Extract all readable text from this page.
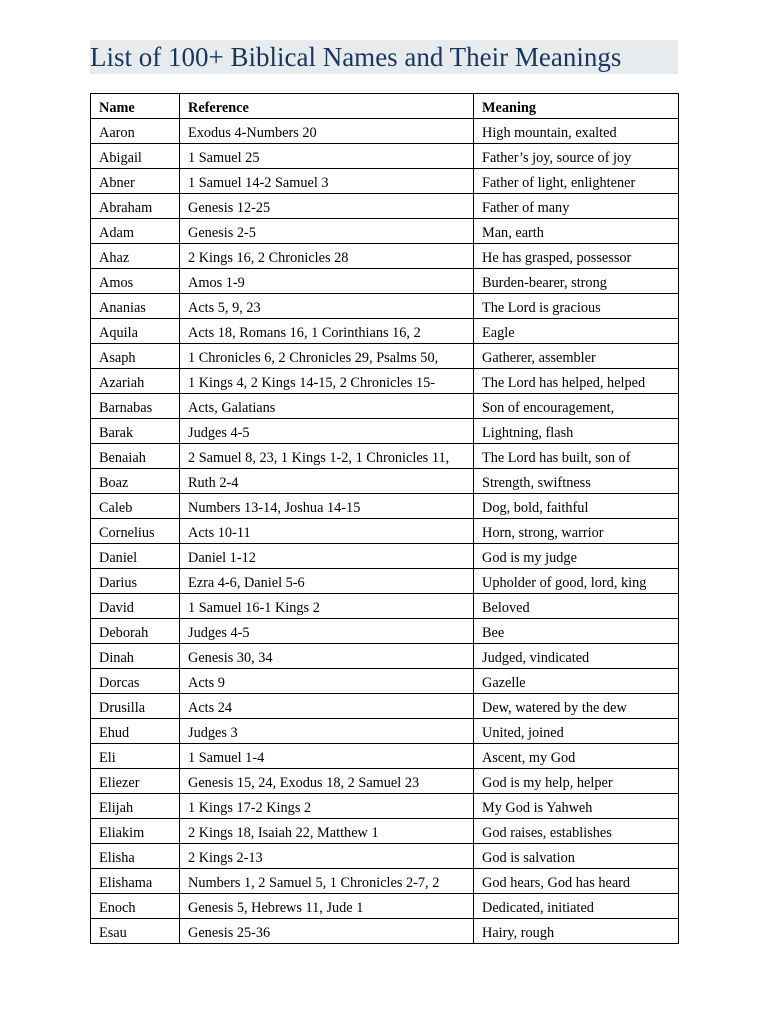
List of 100+ Biblical Names and Their Meanings
Name	Reference	Meaning
Aaron	Exodus 4-Numbers 20	High mountain, exalted
Abigail	1 Samuel 25	Father’s joy, source of joy
Abner	1 Samuel 14-2 Samuel 3	Father of light, enlightener
Abraham	Genesis 12-25	Father of many
Adam	Genesis 2-5	Man, earth
Ahaz	2 Kings 16, 2 Chronicles 28	He has grasped, possessor
Amos	Amos 1-9	Burden-bearer, strong
Ananias	Acts 5, 9, 23	The Lord is gracious
Aquila	Acts 18, Romans 16, 1 Corinthians 16, 2	Eagle
Asaph	1 Chronicles 6, 2 Chronicles 29, Psalms 50,	Gatherer, assembler
Azariah	1 Kings 4, 2 Kings 14-15, 2 Chronicles 15-	The Lord has helped, helped
Barnabas	Acts, Galatians	Son of encouragement,
Barak	Judges 4-5	Lightning, flash
Benaiah	2 Samuel 8, 23, 1 Kings 1-2, 1 Chronicles 11,	The Lord has built, son of
Boaz	Ruth 2-4	Strength, swiftness
Caleb	Numbers 13-14, Joshua 14-15	Dog, bold, faithful
Cornelius	Acts 10-11	Horn, strong, warrior
Daniel	Daniel 1-12	God is my judge
Darius	Ezra 4-6, Daniel 5-6	Upholder of good, lord, king
David	1 Samuel 16-1 Kings 2	Beloved
Deborah	Judges 4-5	Bee
Dinah	Genesis 30, 34	Judged, vindicated
Dorcas	Acts 9	Gazelle
Drusilla	Acts 24	Dew, watered by the dew
Ehud	Judges 3	United, joined
Eli	1 Samuel 1-4	Ascent, my God
Eliezer	Genesis 15, 24, Exodus 18, 2 Samuel 23	God is my help, helper
Elijah	1 Kings 17-2 Kings 2	My God is Yahweh
Eliakim	2 Kings 18, Isaiah 22, Matthew 1	God raises, establishes
Elisha	2 Kings 2-13	God is salvation
Elishama	Numbers 1, 2 Samuel 5, 1 Chronicles 2-7, 2	God hears, God has heard
Enoch	Genesis 5, Hebrews 11, Jude 1	Dedicated, initiated
Esau	Genesis 25-36	Hairy, rough
